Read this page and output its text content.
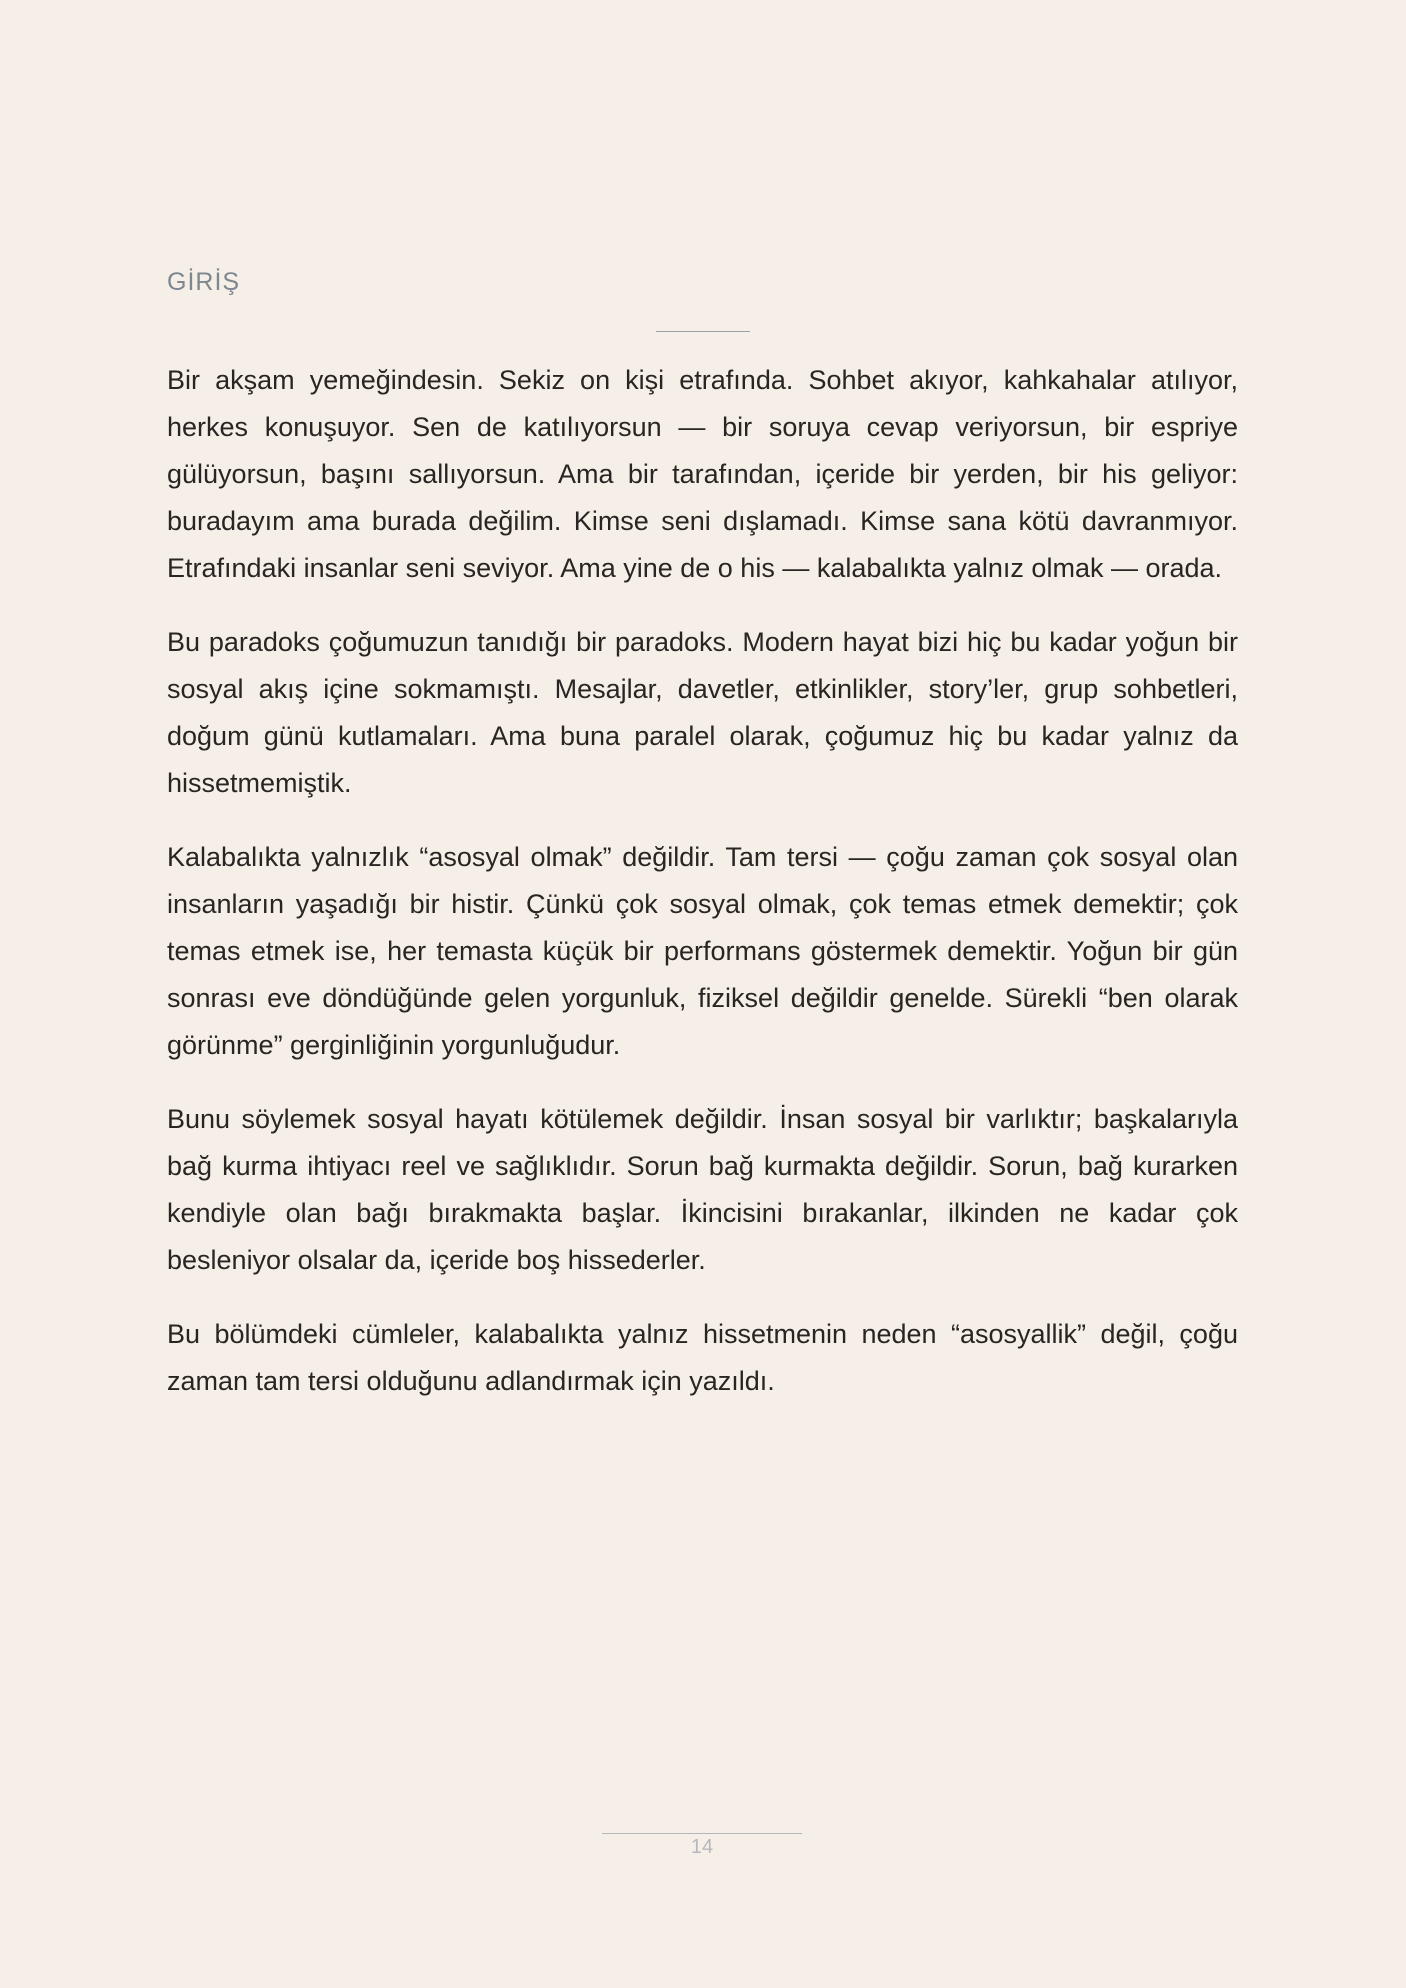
GİRİŞ

Bir akşam yemeğindesin. Sekiz on kişi etrafında. Sohbet akıyor, kahkahalar atılıyor, herkes konuşuyor. Sen de katılıyorsun — bir soruya cevap veriyorsun, bir espriye gülüyorsun, başını sallıyorsun. Ama bir tarafından, içeride bir yerden, bir his geliyor: buradayım ama burada değilim. Kimse seni dışlamadı. Kimse sana kötü davranmıyor. Etrafındaki insanlar seni seviyor. Ama yine de o his — kalabalıkta yalnız olmak — orada.

Bu paradoks çoğumuzun tanıdığı bir paradoks. Modern hayat bizi hiç bu kadar yoğun bir sosyal akış içine sokmamıştı. Mesajlar, davetler, etkinlikler, story’ler, grup sohbetleri, doğum günü kutlamaları. Ama buna paralel olarak, çoğumuz hiç bu kadar yalnız da hissetmemiştik.

Kalabalıkta yalnızlık “asosyal olmak” değildir. Tam tersi — çoğu zaman çok sosyal olan insanların yaşadığı bir histir. Çünkü çok sosyal olmak, çok temas etmek demektir; çok temas etmek ise, her temasta küçük bir performans göstermek demektir. Yoğun bir gün sonrası eve döndüğünde gelen yorgunluk, fiziksel değildir genelde. Sürekli “ben olarak görünme” gerginliğinin yorgunluğudur.

Bunu söylemek sosyal hayatı kötülemek değildir. İnsan sosyal bir varlıktır; başkalarıyla bağ kurma ihtiyacı reel ve sağlıklıdır. Sorun bağ kurmakta değildir. Sorun, bağ kurarken kendiyle olan bağı bırakmakta başlar. İkincisini bırakanlar, ilkinden ne kadar çok besleniyor olsalar da, içeride boş hissederler.

Bu bölümdeki cümleler, kalabalıkta yalnız hissetmenin neden “asosyallik” değil, çoğu zaman tam tersi olduğunu adlandırmak için yazıldı.

14
